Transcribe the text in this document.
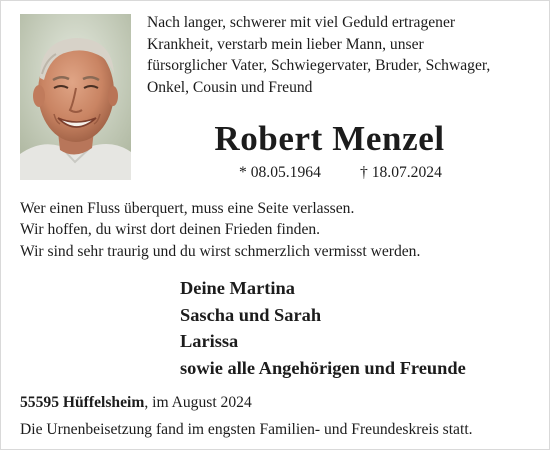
Nach langer, schwerer mit viel Geduld ertragener
Krankheit, verstarb mein lieber Mann, unser
fürsorglicher Vater, Schwiegervater, Bruder, Schwager,
Onkel, Cousin und Freund
Robert Menzel
* 08.05.1964	† 18.07.2024
Wer einen Fluss überquert, muss eine Seite verlassen.
Wir hoffen, du wirst dort deinen Frieden finden.
Wir sind sehr traurig und du wirst schmerzlich vermisst werden.
Deine Martina
Sascha und Sarah
Larissa
sowie alle Angehörigen und Freunde
55595 Hüffelsheim, im August 2024
Die Urnenbeisetzung fand im engsten Familien- und Freundeskreis statt.
